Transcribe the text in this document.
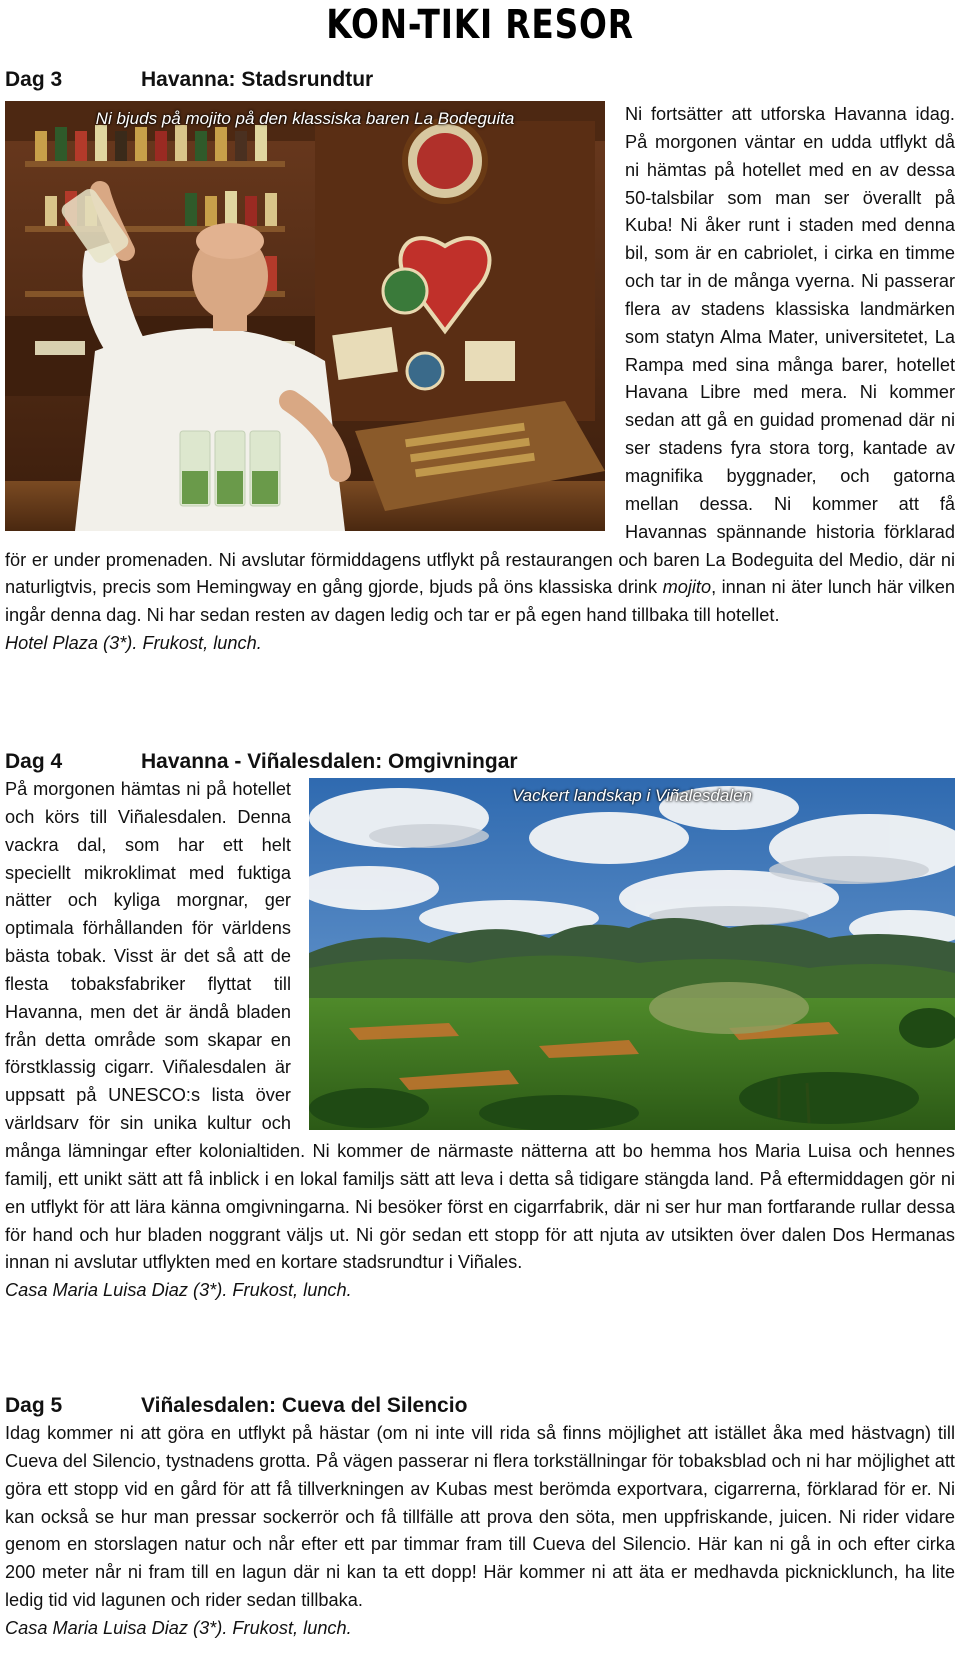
KON-TIKI RESOR
Dag 3	Havanna: Stadsrundtur
Ni bjuds på mojito på den klassiska baren La Bodeguita	Ni fortsätter att utforska Havanna idag. På morgonen väntar en udda utflykt då ni hämtas på hotellet med en av dessa 50-talsbilar som man ser överallt på Kuba! Ni åker runt i staden med denna bil, som är en cabriolet, i cirka en timme och tar in de många vyerna. Ni passerar flera av stadens klassiska landmärken som statyn Alma Mater, universitetet, La Rampa med sina många barer, hotellet Havana Libre med mera. Ni kommer sedan att gå en guidad promenad där ni ser stadens fyra stora torg, kantade av magnifika byggnader, och gatorna mellan dessa. Ni kommer att få Havannas spännande historia förklarad för er under promenaden. Ni avslutar förmiddagens utflykt på restaurangen och baren La Bodeguita del Medio, där ni naturligtvis, precis som Hemingway en gång gjorde, bjuds på öns klassiska drink mojito, innan ni äter lunch här vilken ingår denna dag. Ni har sedan resten av dagen ledig och tar er på egen hand tillbaka till hotellet.

Hotel Plaza (3*). Frukost, lunch.

Dag 4	Havanna - Viñalesdalen: Omgivningar
Vackert landskap i Viñalesdalen

På morgonen hämtas ni på hotellet och körs till Viñalesdalen. Denna vackra dal, som har ett helt speciellt mikroklimat med fuktiga nätter och kyliga morgnar, ger optimala förhållanden för världens bästa tobak. Visst är det så att de flesta tobaksfabriker flyttat till Havanna, men det är ändå bladen från detta område som skapar en förstklassig cigarr. Viñalesdalen är uppsatt på UNESCO:s lista över världsarv för sin unika kultur och många lämningar efter kolonialtiden. Ni kommer de närmaste nätterna att bo hemma hos Maria Luisa och hennes familj, ett unikt sätt att få inblick i en lokal familjs sätt att leva i detta så tidigare stängda land. På eftermiddagen gör ni en utflykt för att lära känna omgivningarna. Ni besöker först en cigarrfabrik, där ni ser hur man fortfarande rullar dessa för hand och hur bladen noggrant väljs ut. Ni gör sedan ett stopp för att njuta av utsikten över dalen Dos Hermanas innan ni avslutar utflykten med en kortare stadsrundtur i Viñales.

Casa Maria Luisa Diaz (3*). Frukost, lunch.

Dag 5	Viñalesdalen: Cueva del Silencio

Idag kommer ni att göra en utflykt på hästar (om ni inte vill rida så finns möjlighet att istället åka med hästvagn) till Cueva del Silencio, tystnadens grotta. På vägen passerar ni flera torkställningar för tobaksblad och ni har möjlighet att göra ett stopp vid en gård för att få tillverkningen av Kubas mest berömda exportvara, cigarrerna, förklarad för er. Ni kan också se hur man pressar sockerrör och få tillfälle att prova den söta, men uppfriskande, juicen. Ni rider vidare genom en storslagen natur och når efter ett par timmar fram till Cueva del Silencio. Här kan ni gå in och efter cirka 200 meter når ni fram till en lagun där ni kan ta ett dopp! Här kommer ni att äta er medhavda picknicklunch, ha lite ledig tid vid lagunen och rider sedan tillbaka.

Casa Maria Luisa Diaz (3*). Frukost, lunch.
